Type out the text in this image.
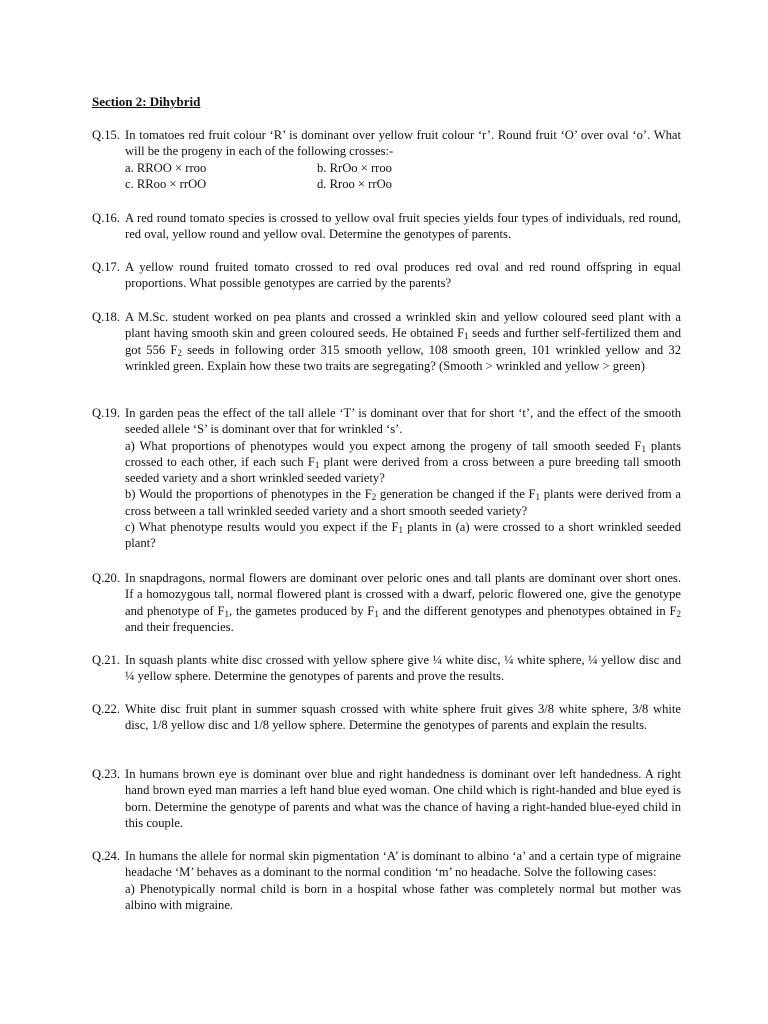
Section 2: Dihybrid
Q.15. In tomatoes red fruit colour ‘R’ is dominant over yellow fruit colour ‘r’. Round fruit ‘O’ over oval ‘o’. What will be the progeny in each of the following crosses:-
a. RROO × rroo	b. RrOo × rroo
c. RRoo × rrOO	d. Rroo × rrOo
Q.16. A red round tomato species is crossed to yellow oval fruit species yields four types of individuals, red round, red oval, yellow round and yellow oval. Determine the genotypes of parents.
Q.17. A yellow round fruited tomato crossed to red oval produces red oval and red round offspring in equal proportions. What possible genotypes are carried by the parents?
Q.18. A M.Sc. student worked on pea plants and crossed a wrinkled skin and yellow coloured seed plant with a plant having smooth skin and green coloured seeds. He obtained $F_1$ seeds and further self-fertilized them and got 556 $F_2$ seeds in following order 315 smooth yellow, 108 smooth green, 101 wrinkled yellow and 32 wrinkled green. Explain how these two traits are segregating? (Smooth > wrinkled and yellow > green)
Q.19. In garden peas the effect of the tall allele ‘T’ is dominant over that for short ‘t’, and the effect of the smooth seeded allele ‘S’ is dominant over that for wrinkled ‘s’.
a) What proportions of phenotypes would you expect among the progeny of tall smooth seeded $F_1$ plants crossed to each other, if each such $F_1$ plant were derived from a cross between a pure breeding tall smooth seeded variety and a short wrinkled seeded variety?
b) Would the proportions of phenotypes in the $F_2$ generation be changed if the $F_1$ plants were derived from a cross between a tall wrinkled seeded variety and a short smooth seeded variety?
c) What phenotype results would you expect if the $F_1$ plants in (a) were crossed to a short wrinkled seeded plant?
Q.20. In snapdragons, normal flowers are dominant over peloric ones and tall plants are dominant over short ones. If a homozygous tall, normal flowered plant is crossed with a dwarf, peloric flowered one, give the genotype and phenotype of $F_1$, the gametes produced by $F_1$ and the different genotypes and phenotypes obtained in $F_2$ and their frequencies.
Q.21. In squash plants white disc crossed with yellow sphere give ¼ white disc, ¼ white sphere, ¼ yellow disc and ¼ yellow sphere. Determine the genotypes of parents and prove the results.
Q.22. White disc fruit plant in summer squash crossed with white sphere fruit gives 3/8 white sphere, 3/8 white disc, 1/8 yellow disc and 1/8 yellow sphere. Determine the genotypes of parents and explain the results.
Q.23. In humans brown eye is dominant over blue and right handedness is dominant over left handedness. A right hand brown eyed man marries a left hand blue eyed woman. One child which is right-handed and blue eyed is born. Determine the genotype of parents and what was the chance of having a right-handed blue-eyed child in this couple.
Q.24. In humans the allele for normal skin pigmentation ‘A’ is dominant to albino ‘a’ and a certain type of migraine headache ‘M’ behaves as a dominant to the normal condition ‘m’ no headache. Solve the following cases:
a) Phenotypically normal child is born in a hospital whose father was completely normal but mother was albino with migraine.
